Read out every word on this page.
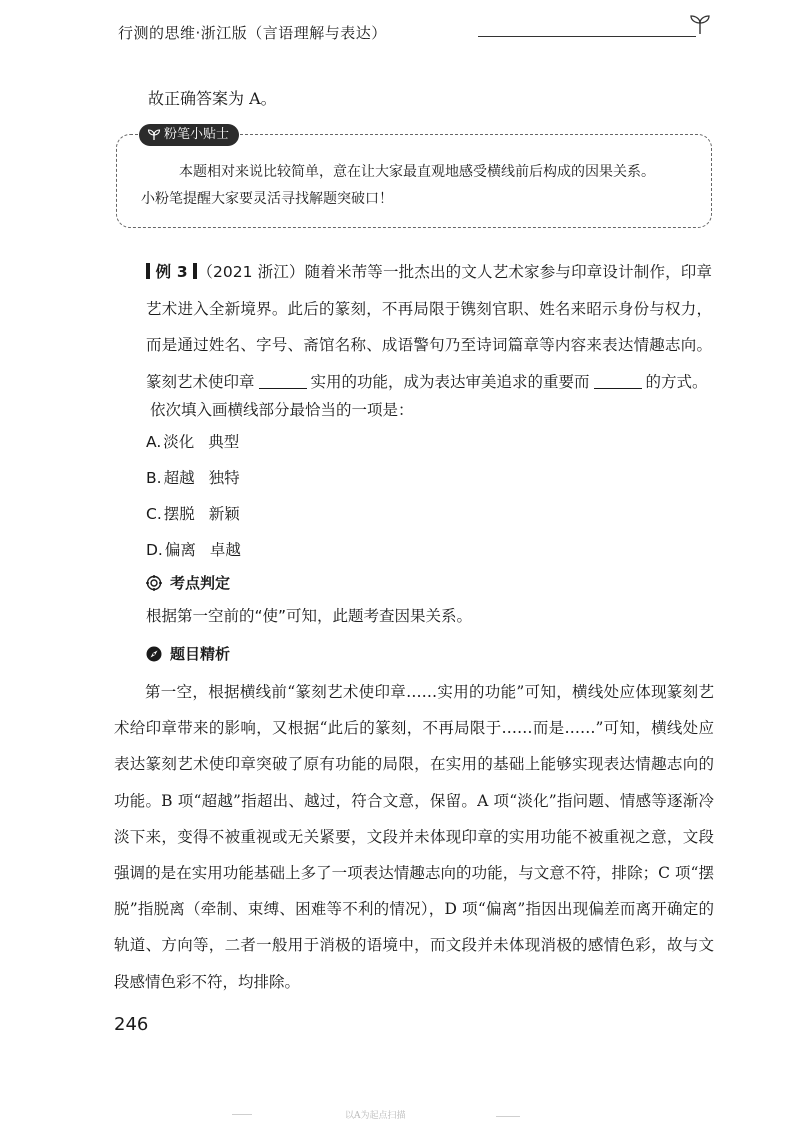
行测的思维·浙江版（言语理解与表达）
故正确答案为 A。
粉笔小贴士
本题相对来说比较简单，意在让大家最直观地感受横线前后构成的因果关系。
小粉笔提醒大家要灵活寻找解题突破口！
例 3 （2021 浙江）随着米芾等一批杰出的文人艺术家参与印章设计制作，印章艺术进入全新境界。此后的篆刻，不再局限于镌刻官职、姓名来昭示身份与权力，而是通过姓名、字号、斋馆名称、成语警句乃至诗词篇章等内容来表达情趣志向。篆刻艺术使印章	实用的功能，成为表达审美追求的重要而	的方式。
依次填入画横线部分最恰当的一项是：
A. 淡化 典型
B. 超越 独特
C. 摆脱 新颖
D. 偏离 卓越
考点判定
根据第一空前的“使”可知，此题考查因果关系。
题目精析
第一空，根据横线前“篆刻艺术使印章……实用的功能”可知，横线处应体现篆刻艺术给印章带来的影响，又根据“此后的篆刻，不再局限于……而是……”可知，横线处应表达篆刻艺术使印章突破了原有功能的局限，在实用的基础上能够实现表达情趣志向的功能。B 项“超越”指超出、越过，符合文意，保留。A 项“淡化”指问题、情感等逐渐冷淡下来，变得不被重视或无关紧要，文段并未体现印章的实用功能不被重视之意，文段强调的是在实用功能基础上多了一项表达情趣志向的功能，与文意不符，排除；C 项“摆脱”指脱离（牵制、束缚、困难等不利的情况），D 项“偏离”指因出现偏差而离开确定的轨道、方向等，二者一般用于消极的语境中，而文段并未体现消极的感情色彩，故与文段感情色彩不符，均排除。
246
以A为起点扫描
